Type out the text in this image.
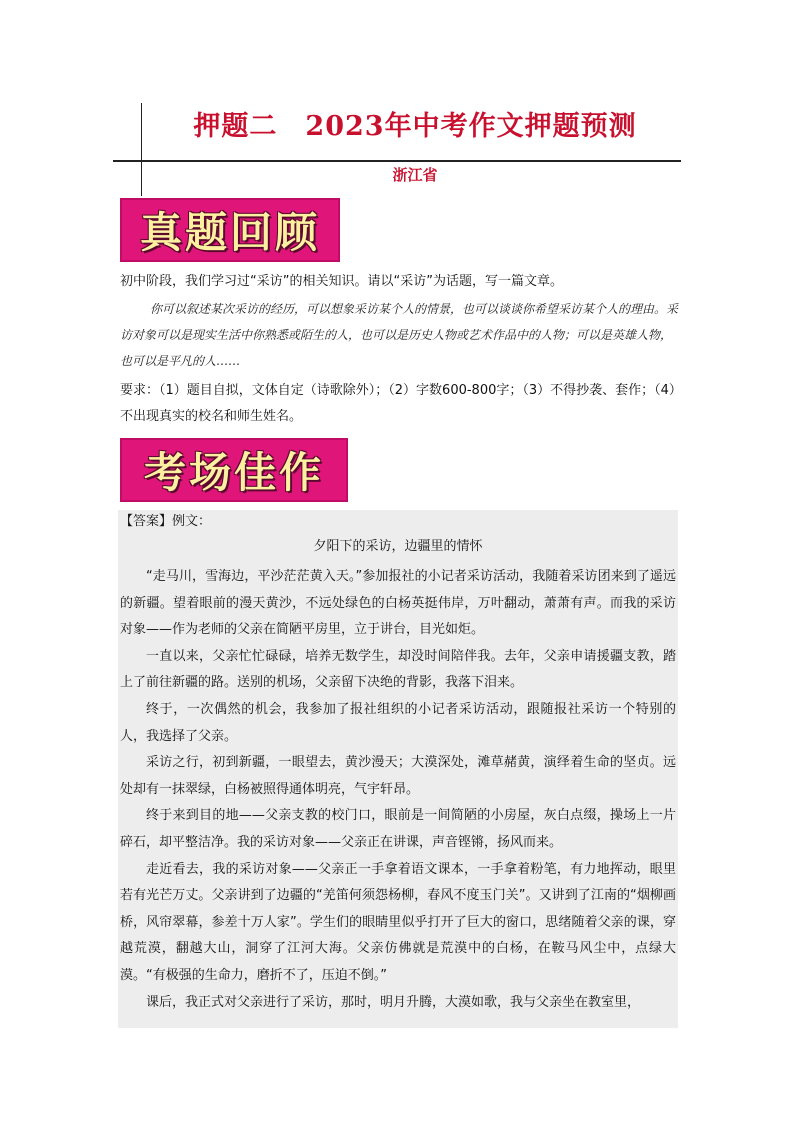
押题二　2023年中考作文押题预测
浙江省
真题回顾
初中阶段，我们学习过“采访”的相关知识。请以“采访”为话题，写一篇文章。
你可以叙述某次采访的经历，可以想象采访某个人的情景，也可以谈谈你希望采访某个人的理由。采访对象可以是现实生活中你熟悉或陌生的人，也可以是历史人物或艺术作品中的人物；可以是英雄人物，也可以是平凡的人……
要求：（1）题目自拟，文体自定（诗歌除外）；（2）字数600-800字；（3）不得抄袭、套作；（4）不出现真实的校名和师生姓名。
考场佳作
【答案】例文：
夕阳下的采访，边疆里的情怀

“走马川，雪海边，平沙茫茫黄入天。”参加报社的小记者采访活动，我随着采访团来到了遥远的新疆。望着眼前的漫天黄沙，不远处绿色的白杨英挺伟岸，万叶翻动，萧萧有声。而我的采访对象——作为老师的父亲在简陋平房里，立于讲台，目光如炬。

一直以来，父亲忙忙碌碌，培养无数学生，却没时间陪伴我。去年，父亲申请援疆支教，踏上了前往新疆的路。送别的机场，父亲留下决绝的背影，我落下泪来。

终于，一次偶然的机会，我参加了报社组织的小记者采访活动，跟随报社采访一个特别的人，我选择了父亲。

采访之行，初到新疆，一眼望去，黄沙漫天；大漠深处，滩草赭黄，演绎着生命的坚贞。远处却有一抹翠绿，白杨被照得通体明亮，气宇轩昂。

终于来到目的地——父亲支教的校门口，眼前是一间简陋的小房屋，灰白点缀，操场上一片碎石，却平整洁净。我的采访对象——父亲正在讲课，声音铿锵，扬风而来。

走近看去，我的采访对象——父亲正一手拿着语文课本，一手拿着粉笔，有力地挥动，眼里若有光芒万丈。父亲讲到了边疆的“羌笛何须怨杨柳，春风不度玉门关”。又讲到了江南的“烟柳画桥，风帘翠幕，参差十万人家”。学生们的眼睛里似乎打开了巨大的窗口，思绪随着父亲的课，穿越荒漠，翻越大山，洞穿了江河大海。父亲仿佛就是荒漠中的白杨，在鞍马风尘中，点绿大漠。“有极强的生命力，磨折不了，压迫不倒。”

课后，我正式对父亲进行了采访，那时，明月升腾，大漠如歌，我与父亲坐在教室里，
